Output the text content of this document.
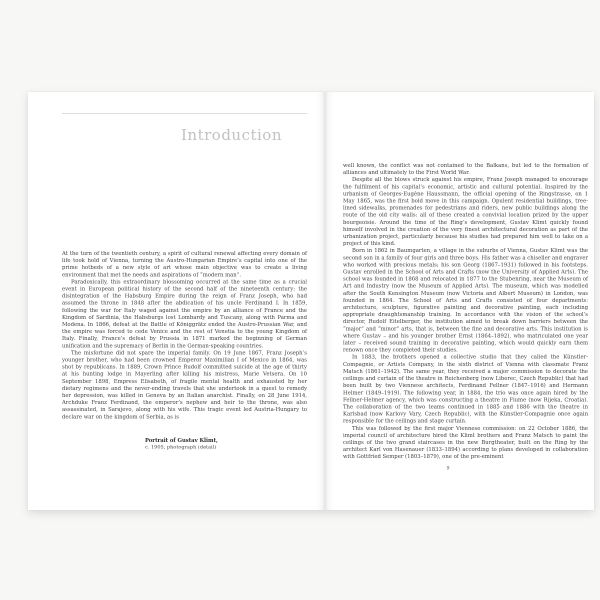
Introduction

At the turn of the twentieth century, a spirit of cultural renewal affecting every domain of life took hold of Vienna, turning the Austro-Hungarian Empire’s capital into one of the prime hotbeds of a new style of art whose main objective was to create a living environment that met the needs and aspirations of “modern man”.

Paradoxically, this extraordinary blossoming occurred at the same time as a crucial event in European political history of the second half of the nineteenth century: the disintegration of the Habsburg Empire during the reign of Franz Joseph, who had assumed the throne in 1848 after the abdication of his uncle Ferdinand I. In 1859, following the war for Italy waged against the empire by an alliance of France and the Kingdom of Sardinia, the Habsburgs lost Lombardy and Tuscany, along with Parma and Modena. In 1866, defeat at the Battle of Königgrätz ended the Austro-Prussian War, and the empire was forced to cede Venice and the rest of Venetia to the young Kingdom of Italy. Finally, France’s defeat by Prussia in 1871 marked the beginning of German unification and the supremacy of Berlin in the German-speaking countries.

The misfortune did not spare the imperial family. On 19 June 1867, Franz Joseph’s younger brother, who had been crowned Emperor Maximilian I of Mexico in 1864, was shot by republicans. In 1889, Crown Prince Rudolf committed suicide at the age of thirty at his hunting lodge in Mayerling after killing his mistress, Marie Vetsera. On 10 September 1898, Empress Elisabeth, of fragile mental health and exhausted by her dietary regimens and the never-ending travels that she undertook in a quest to remedy her depression, was killed in Geneva by an Italian anarchist. Finally, on 28 June 1914, Archduke Franz Ferdinand, the emperor’s nephew and heir to the throne, was also assassinated, in Sarajevo, along with his wife. This tragic event led Austria-Hungary to declare war on the kingdom of Serbia, as is

Portrait of Gustav Klimt,
c. 1905, photograph (detail)

well known, the conflict was not contained to the Balkans, but led to the formation of alliances and ultimately to the First World War.

Despite all the blows struck against his empire, Franz Joseph managed to encourage the fulfilment of his capital’s economic, artistic and cultural potential. Inspired by the urbanism of Georges-Eugène Haussmann, the official opening of the Ringstrasse, on 1 May 1865, was the first bold move in this campaign. Opulent residential buildings, tree-lined sidewalks, promenades for pedestrians and riders, new public buildings along the route of the old city walls: all of these created a convivial location prized by the upper bourgeoisie. Around the time of the Ring’s development, Gustav Klimt quickly found himself involved in the creation of the very finest architectural decoration as part of the urbanization project, particularly because his studies had prepared him well to take on a project of this kind.

Born in 1862 in Baumgarten, a village in the suburbs of Vienna, Gustav Klimt was the second son in a family of four girls and three boys. His father was a chiseller and engraver who worked with precious metals; his son Georg (1867–1931) followed in his footsteps. Gustav enrolled in the School of Arts and Crafts (now the University of Applied Arts). The school was founded in 1868 and relocated in 1877 to the Stubenring, near the Museum of Art and Industry (now the Museum of Applied Arts). The museum, which was modelled after the South Kensington Museum (now Victoria and Albert Museum) in London, was founded in 1864. The School of Arts and Crafts consisted of four departments: architecture, sculpture, figurative painting and decorative painting, each including appropriate draughtsmanship training. In accordance with the vision of the school’s director, Rudolf Eitelberger, the institution aimed to break down barriers between the “major” and “minor” arts, that is, between the fine and decorative arts. This institution is where Gustav – and his younger brother Ernst (1864–1892), who matriculated one year later – received sound training in decorative painting, which would quickly earn them renown once they completed their studies.

In 1883, the brothers opened a collective studio that they called the Künstler-Compagnie, or Artists Company, in the sixth district of Vienna with classmate Franz Matsch (1861–1942). The same year, they received a major commission to decorate the ceilings and curtain of the theatre in Reichenberg (now Liberec, Czech Republic) that had been built by two Viennese architects, Ferdinand Fellner (1847–1916) and Hermann Helmer (1849–1919). The following year, in 1884, the trio was once again hired by the Fellner-Helmer agency, which was constructing a theatre in Fiume (now Rijeka, Croatia). The collaboration of the two teams continued in 1885 and 1886 with the theatre in Karlsbad (now Karlovy Vary, Czech Republic), with the Künstler-Compagnie once again responsible for the ceilings and stage curtain.

This was followed by the first major Viennese commission: on 22 October 1886, the imperial council of architecture hired the Klimt brothers and Franz Matsch to paint the ceilings of the two grand staircases in the new Burgtheater, built on the Ring by the architect Karl von Hasenauer (1833–1894) according to plans developed in collaboration with Gottfried Semper (1803–1879), one of the pre-eminent

9
